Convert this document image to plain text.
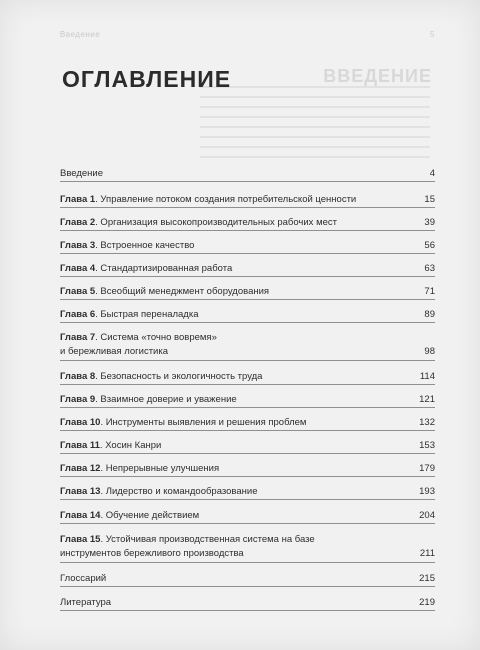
Введение	5
ВВЕДЕНИЕ
ОГЛАВЛЕНИЕ
Введение	4
Глава 1. Управление потоком создания потребительской ценности	15
Глава 2. Организация высокопроизводительных рабочих мест	39
Глава 3. Встроенное качество	56
Глава 4. Стандартизированная работа	63
Глава 5. Всеобщий менеджмент оборудования	71
Глава 6. Быстрая переналадка	89
Глава 7. Система «точно вовремя»
и бережливая логистика	98
Глава 8. Безопасность и экологичность труда	114
Глава 9. Взаимное доверие и уважение	121
Глава 10. Инструменты выявления и решения проблем	132
Глава 11. Хосин Канри	153
Глава 12. Непрерывные улучшения	179
Глава 13. Лидерство и командообразование	193
Глава 14. Обучение действием	204
Глава 15. Устойчивая производственная система на базе
инструментов бережливого производства	211
Глоссарий	215
Литература	219
